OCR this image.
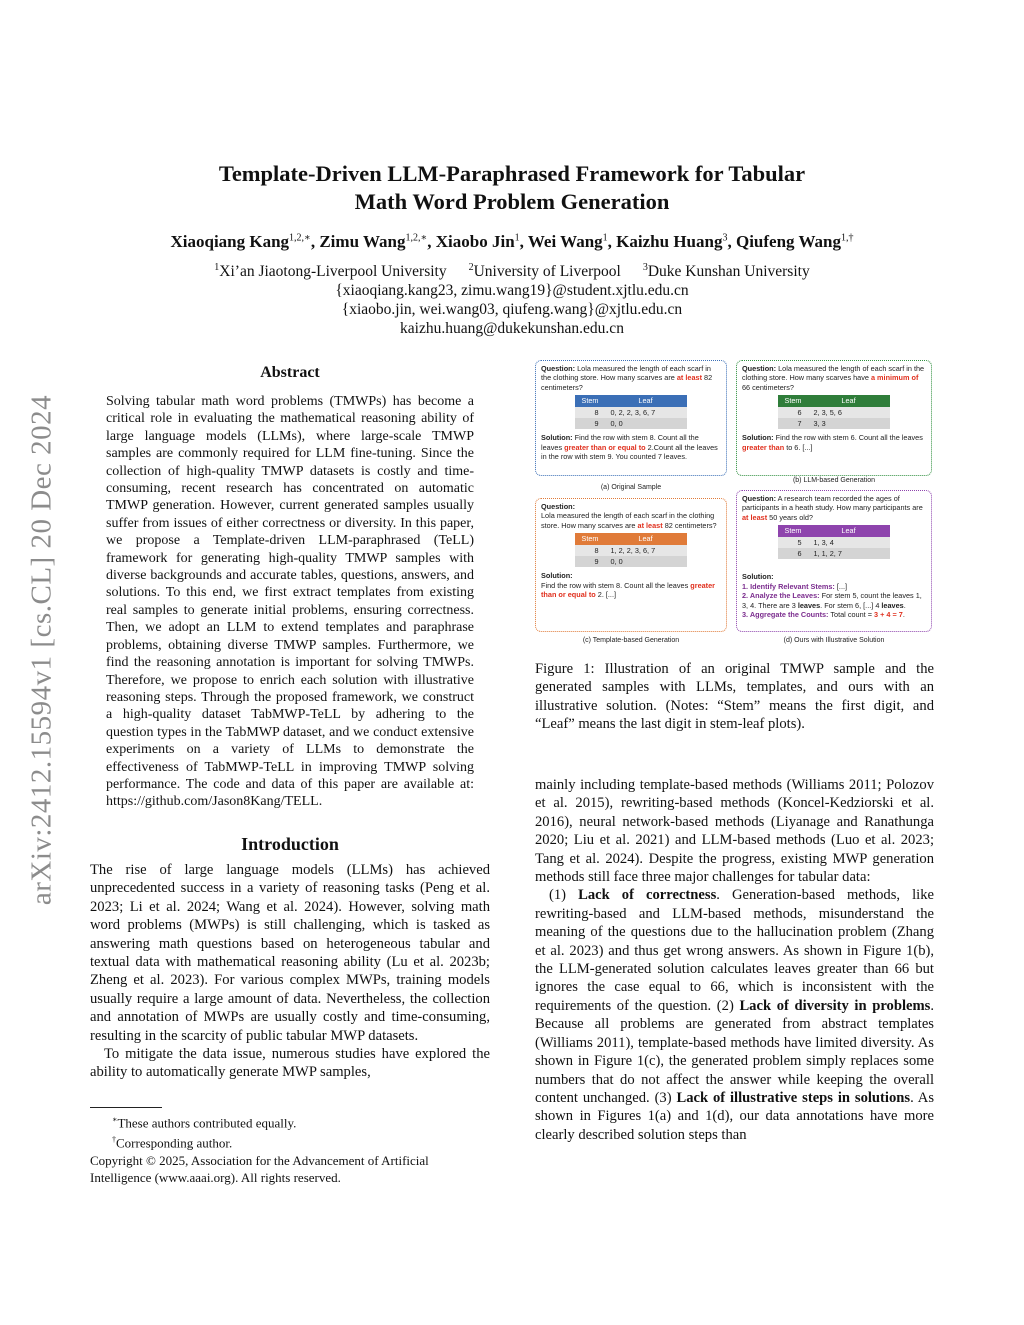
arXiv:2412.15594v1 [cs.CL] 20 Dec 2024
Template-Driven LLM-Paraphrased Framework for Tabular
Math Word Problem Generation
Xiaoqiang Kang$^{1,2,∗}$, Zimu Wang$^{1,2,∗}$, Xiaobo Jin$^1$, Wei Wang$^1$, Kaizhu Huang$^3$, Qiufeng Wang$^{1,\dagger}$
$^1$Xi’an Jiaotong-Liverpool University $^2$University of Liverpool $^3$Duke Kunshan University
{xiaoqiang.kang23, zimu.wang19}@student.xjtlu.edu.cn
{xiaobo.jin, wei.wang03, qiufeng.wang}@xjtlu.edu.cn
kaizhu.huang@dukekunshan.edu.cn
Abstract
Solving tabular math word problems (TMWPs) has become a critical role in evaluating the mathematical reasoning ability of large language models (LLMs), where large-scale TMWP samples are commonly required for LLM fine-tuning. Since the collection of high-quality TMWP datasets is costly and time-consuming, recent research has concentrated on automatic TMWP generation. However, current generated samples usually suffer from issues of either correctness or diversity. In this paper, we propose a Template-driven LLM-paraphrased (TeLL) framework for generating high-quality TMWP samples with diverse backgrounds and accurate tables, questions, answers, and solutions. To this end, we first extract templates from existing real samples to generate initial problems, ensuring correctness. Then, we adopt an LLM to extend templates and paraphrase problems, obtaining diverse TMWP samples. Furthermore, we find the reasoning annotation is important for solving TMWPs. Therefore, we propose to enrich each solution with illustrative reasoning steps. Through the proposed framework, we construct a high-quality dataset TabMWP-TeLL by adhering to the question types in the TabMWP dataset, and we conduct extensive experiments on a variety of LLMs to demonstrate the effectiveness of TabMWP-TeLL in improving TMWP solving performance. The code and data of this paper are available at: https://github.com/Jason8Kang/TELL.
Introduction

The rise of large language models (LLMs) has achieved unprecedented success in a variety of reasoning tasks (Peng et al. 2023; Li et al. 2024; Wang et al. 2024). However, solving math word problems (MWPs) is still challenging, which is tasked as answering math questions based on heterogeneous tabular and textual data with mathematical reasoning ability (Lu et al. 2023b; Zheng et al. 2023). For various complex MWPs, training models usually require a large amount of data. Nevertheless, the collection and annotation of MWPs are usually costly and time-consuming, resulting in the scarcity of public tabular MWP datasets.

To mitigate the data issue, numerous studies have explored the ability to automatically generate MWP samples,

∗These authors contributed equally.
†Corresponding author.
Copyright © 2025, Association for the Advancement of Artificial Intelligence (www.aaai.org). All rights reserved.
Question: Lola measured the length of each scarf in the clothing store. How many scarves are at least 82 centimeters?
Stem	Leaf
8	0, 2, 2, 3, 6, 7
9	0, 0
Solution: Find the row with stem 8. Count all the leaves greater than or equal to 2.Count all the leaves in the row with stem 9. You counted 7 leaves.
(a) Original Sample
Question: Lola measured the length of each scarf in the clothing store. How many scarves have a minimum of 66 centimeters?
Stem	Leaf
6	2, 3, 5, 6
7	3, 3
Solution: Find the row with stem 6. Count all the leaves greater than to 6. [...]
(b) LLM-based Generation
Question:
Lola measured the length of each scarf in the clothing store. How many scarves are at least 82 centimeters?
Stem	Leaf
8	1, 2, 2, 3, 6, 7
9	0, 0
Solution:
Find the row with stem 8. Count all the leaves greater than or equal to 2. [...]
(c) Template-based Generation
Question: A research team recorded the ages of participants in a heath study. How many participants are at least 50 years old?
Stem	Leaf
5	1, 3, 4
6	1, 1, 2, 7
Solution:
1. Identify Relevant Stems: [...]
2. Analyze the Leaves: For stem 5, count the leaves 1, 3, 4. There are 3 leaves. For stem 6, [...] 4 leaves.
3. Aggregate the Counts: Total count = 3 + 4 = 7.
(d) Ours with Illustrative Solution
Figure 1: Illustration of an original TMWP sample and the generated samples with LLMs, templates, and ours with an illustrative solution. (Notes: “Stem” means the first digit, and “Leaf” means the last digit in stem-leaf plots).

mainly including template-based methods (Williams 2011; Polozov et al. 2015), rewriting-based methods (Koncel-Kedziorski et al. 2016), neural network-based methods (Liyanage and Ranathunga 2020; Liu et al. 2021) and LLM-based methods (Luo et al. 2023; Tang et al. 2024). Despite the progress, existing MWP generation methods still face three major challenges for tabular data:

(1) Lack of correctness. Generation-based methods, like rewriting-based and LLM-based methods, misunderstand the meaning of the questions due to the hallucination problem (Zhang et al. 2023) and thus get wrong answers. As shown in Figure 1(b), the LLM-generated solution calculates leaves greater than 66 but ignores the case equal to 66, which is inconsistent with the requirements of the question. (2) Lack of diversity in problems. Because all problems are generated from abstract templates (Williams 2011), template-based methods have limited diversity. As shown in Figure 1(c), the generated problem simply replaces some numbers that do not affect the answer while keeping the overall content unchanged. (3) Lack of illustrative steps in solutions. As shown in Figures 1(a) and 1(d), our data annotations have more clearly described solution steps than
